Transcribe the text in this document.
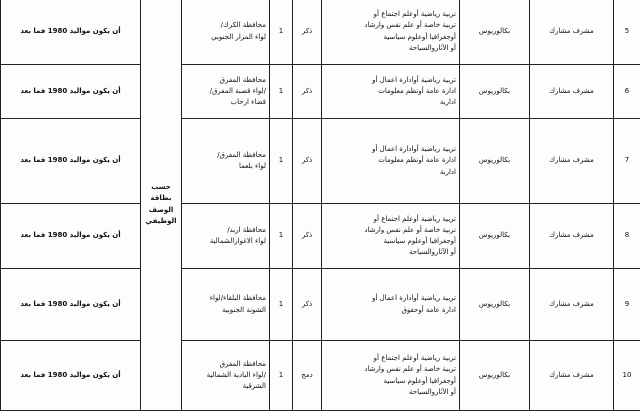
أن يكون مواليد 1980 فما بعد	حسب بطاقة
الوصف
الوظيفي	محافظة الكرك/
لواء المزار الجنوبي	1	ذكر	تربية رياضية أوعلم اجتماع أو
تربية خاصة أو علم نفس وارشاد
أوجغرافيا أوعلوم سياسية
أو الآثاروالسياحة	بكالوريوس	مشرف مشارك	5
أن يكون مواليد 1980 فما بعد		محافظة المفرق
/لواء قصبة المفرق/
قضاء ارحاب	1	ذكر	تربية رياضية أوادارة اعمال أو
ادارة عامة أونظم معلومات
ادارية	بكالوريوس	مشرف مشارك	6
أن يكون مواليد 1980 فما بعد		محافظة المفرق/
لواء بلعما	1	ذكر	تربية رياضية أوادارة اعمال أو
ادارة عامة أونظم معلومات
ادارية	بكالوريوس	مشرف مشارك	7
أن يكون مواليد 1980 فما بعد		محافظة اربد/
لواء الاغوارالشمالية	1	ذكر	تربية رياضية أوعلم اجتماع أو
تربية خاصة أو علم نفس وارشاد
أوجغرافيا أوعلوم سياسية
أو الآثاروالسياحة	بكالوريوس	مشرف مشارك	8
أن يكون مواليد 1980 فما بعد		محافظة البلقاء/لواء
الشونة الجنوبية	1	ذكر	تربية رياضية أوادارة اعمال أو
ادارة عامة أوحقوق	بكالوريوس	مشرف مشارك	9
أن يكون مواليد 1980 فما بعد		محافظة المفرق
/لواء البادية الشمالية
الشرقية	1	دمج	تربية رياضية أوعلم اجتماع أو
تربية خاصة أو علم نفس وارشاد
أوجغرافيا أوعلوم سياسية
أو الآثاروالسياحة	بكالوريوس	مشرف مشارك	10
